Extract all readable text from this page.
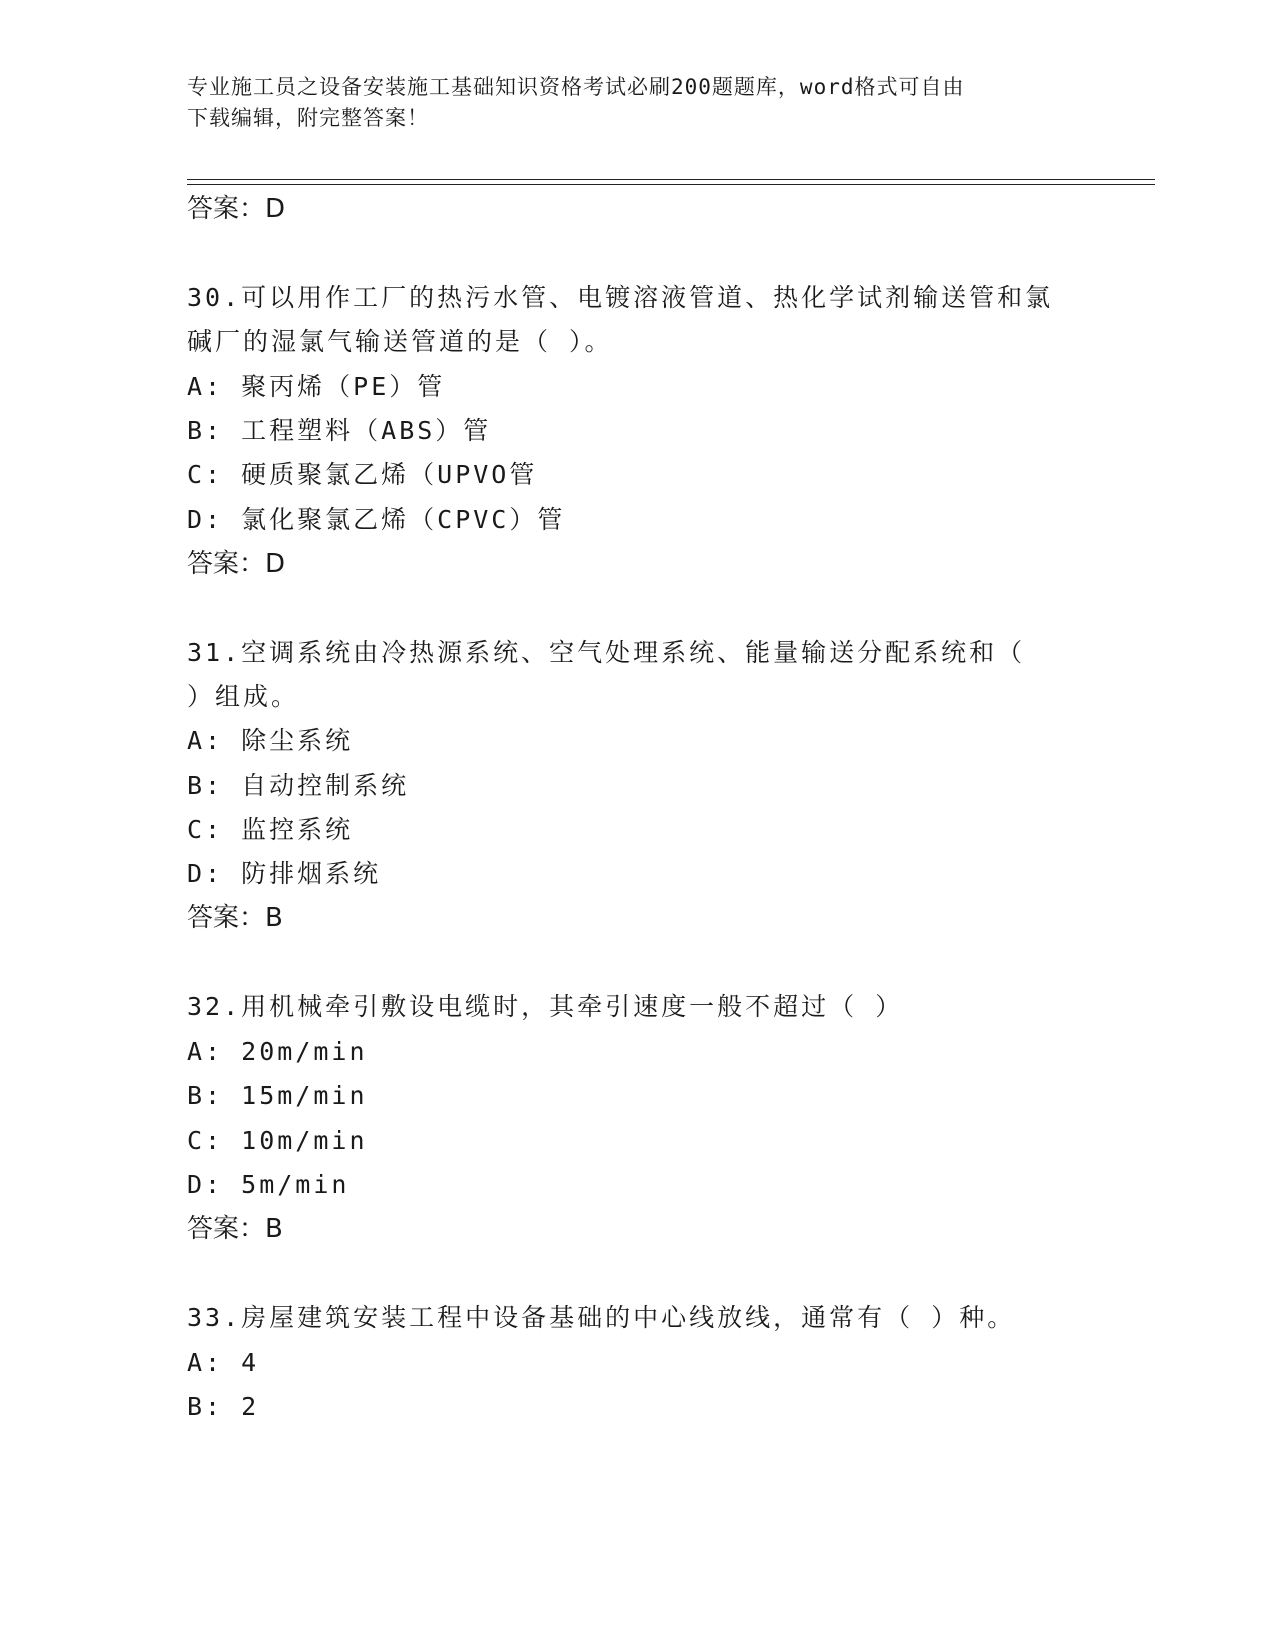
专业施工员之设备安装施工基础知识资格考试必刷200题题库，word格式可自由
下载编辑，附完整答案！
答案：D
30.可以用作工厂的热污水管、电镀溶液管道、热化学试剂输送管和氯
碱厂的湿氯气输送管道的是（ ）。
A: 聚丙烯（PE）管
B: 工程塑料（ABS）管
C: 硬质聚氯乙烯（UPVO管
D: 氯化聚氯乙烯（CPVC）管
答案：D
31.空调系统由冷热源系统、空气处理系统、能量输送分配系统和（
）组成。
A: 除尘系统
B: 自动控制系统
C: 监控系统
D: 防排烟系统
答案：B
32.用机械牵引敷设电缆时，其牵引速度一般不超过（ ）
A: 20m/min
B: 15m/min
C: 10m/min
D: 5m/min
答案：B
33.房屋建筑安装工程中设备基础的中心线放线，通常有（ ）种。
A: 4
B: 2
